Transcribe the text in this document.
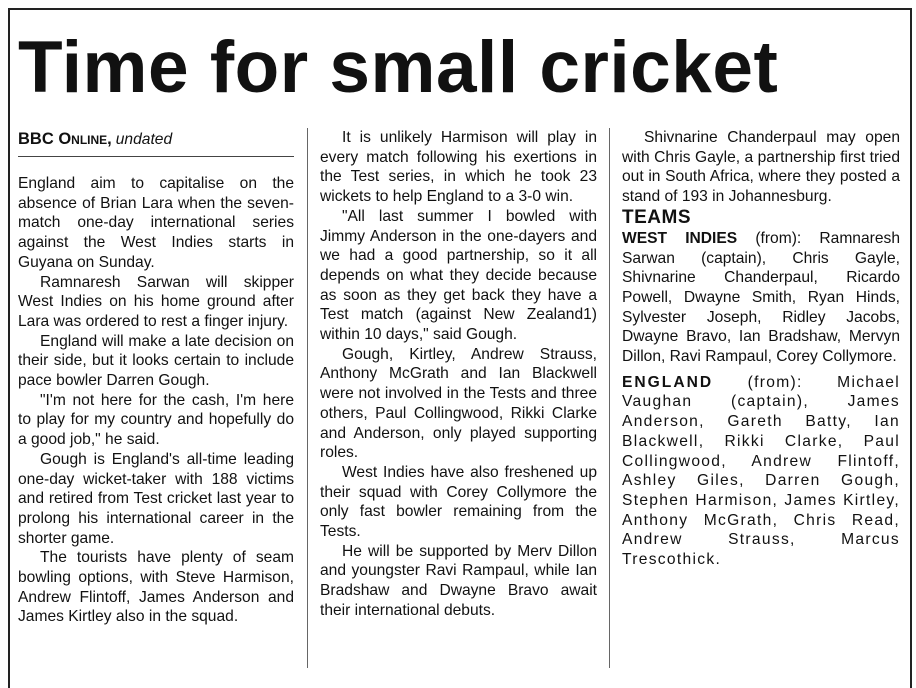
Time for small cricket
BBC Online, undated

England aim to capitalise on the absence of Brian Lara when the seven-match one-day international series against the West Indies starts in Guyana on Sunday.

Ramnaresh Sarwan will skipper West Indies on his home ground after Lara was ordered to rest a finger injury.

England will make a late decision on their side, but it looks certain to include pace bowler Darren Gough.

"I'm not here for the cash, I'm here to play for my country and hopefully do a good job," he said.

Gough is England's all-time leading one-day wicket-taker with 188 victims and retired from Test cricket last year to prolong his international career in the shorter game.

The tourists have plenty of seam bowling options, with Steve Harmison, Andrew Flintoff, James Anderson and James Kirtley also in the squad.

It is unlikely Harmison will play in every match following his exertions in the Test series, in which he took 23 wickets to help England to a 3-0 win.

"All last summer I bowled with Jimmy Anderson in the one-dayers and we had a good partnership, so it all depends on what they decide because as soon as they get back they have a Test match (against New Zealand1) within 10 days," said Gough.

Gough, Kirtley, Andrew Strauss, Anthony McGrath and Ian Blackwell were not involved in the Tests and three others, Paul Collingwood, Rikki Clarke and Anderson, only played supporting roles.

West Indies have also freshened up their squad with Corey Collymore the only fast bowler remaining from the Tests.

He will be supported by Merv Dillon and youngster Ravi Rampaul, while Ian Bradshaw and Dwayne Bravo await their international debuts.

Shivnarine Chanderpaul may open with Chris Gayle, a partnership first tried out in South Africa, where they posted a stand of 193 in Johannesburg.

TEAMS

WEST INDIES (from): Ramnaresh Sarwan (captain), Chris Gayle, Shivnarine Chanderpaul, Ricardo Powell, Dwayne Smith, Ryan Hinds, Sylvester Joseph, Ridley Jacobs, Dwayne Bravo, Ian Bradshaw, Mervyn Dillon, Ravi Rampaul, Corey Collymore.

ENGLAND (from): Michael Vaughan (captain), James Anderson, Gareth Batty, Ian Blackwell, Rikki Clarke, Paul Collingwood, Andrew Flintoff, Ashley Giles, Darren Gough, Stephen Harmison, James Kirtley, Anthony McGrath, Chris Read, Andrew Strauss, Marcus Trescothick.
